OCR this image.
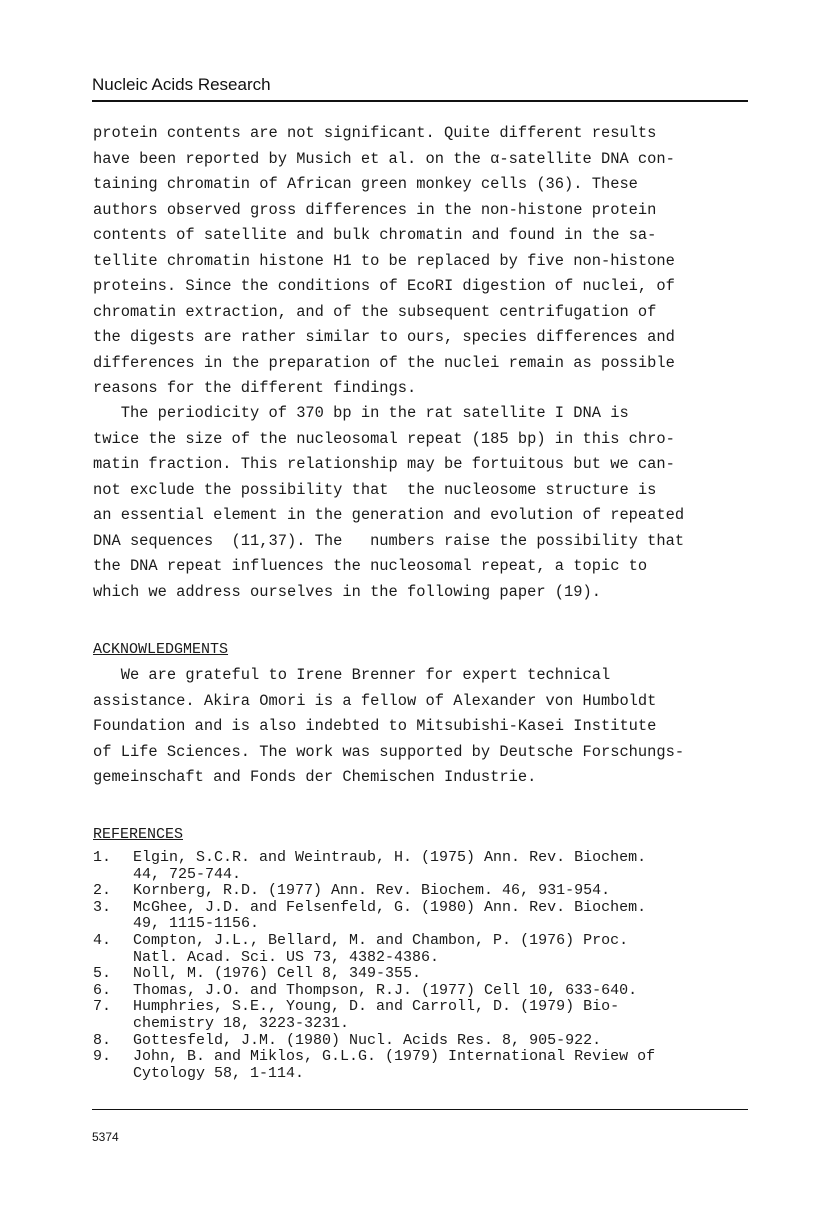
Nucleic Acids Research
protein contents are not significant. Quite different results
have been reported by Musich et al. on the α-satellite DNA con-
taining chromatin of African green monkey cells (36). These
authors observed gross differences in the non-histone protein
contents of satellite and bulk chromatin and found in the sa-
tellite chromatin histone H1 to be replaced by five non-histone
proteins. Since the conditions of EcoRI digestion of nuclei, of
chromatin extraction, and of the subsequent centrifugation of
the digests are rather similar to ours, species differences and
differences in the preparation of the nuclei remain as possible
reasons for the different findings.
The periodicity of 370 bp in the rat satellite I DNA is
twice the size of the nucleosomal repeat (185 bp) in this chro-
matin fraction. This relationship may be fortuitous but we can-
not exclude the possibility that  the nucleosome structure is
an essential element in the generation and evolution of repeated
DNA sequences  (11,37). The   numbers raise the possibility that
the DNA repeat influences the nucleosomal repeat, a topic to
which we address ourselves in the following paper (19).
ACKNOWLEDGMENTS
We are grateful to Irene Brenner for expert technical
assistance. Akira Omori is a fellow of Alexander von Humboldt
Foundation and is also indebted to Mitsubishi-Kasei Institute
of Life Sciences. The work was supported by Deutsche Forschungs-
gemeinschaft and Fonds der Chemischen Industrie.
REFERENCES
1.	Elgin, S.C.R. and Weintraub, H. (1975) Ann. Rev. Biochem.
44, 725-744.
2.	Kornberg, R.D. (1977) Ann. Rev. Biochem. 46, 931-954.
3.	McGhee, J.D. and Felsenfeld, G. (1980) Ann. Rev. Biochem.
49, 1115-1156.
4.	Compton, J.L., Bellard, M. and Chambon, P. (1976) Proc.
Natl. Acad. Sci. US 73, 4382-4386.
5.	Noll, M. (1976) Cell 8, 349-355.
6.	Thomas, J.O. and Thompson, R.J. (1977) Cell 10, 633-640.
7.	Humphries, S.E., Young, D. and Carroll, D. (1979) Bio-
chemistry 18, 3223-3231.
8.	Gottesfeld, J.M. (1980) Nucl. Acids Res. 8, 905-922.
9.	John, B. and Miklos, G.L.G. (1979) International Review of
Cytology 58, 1-114.
5374
